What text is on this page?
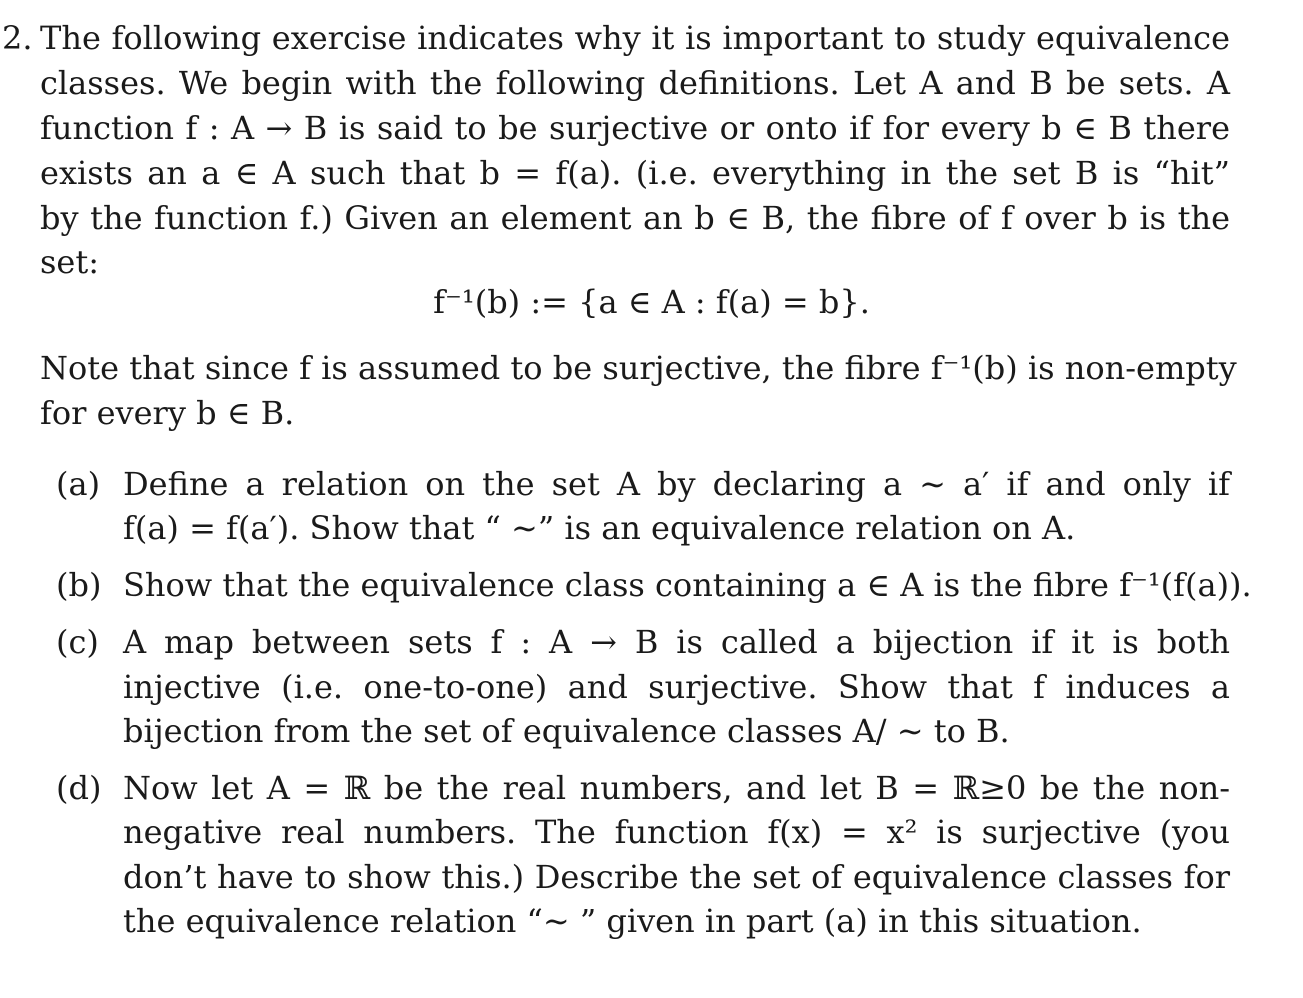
2. The following exercise indicates why it is important to study equivalence
classes. We begin with the following definitions. Let A and B be sets. A
function f : A → B is said to be surjective or onto if for every b ∈ B there
exists an a ∈ A such that b = f(a). (i.e. everything in the set B is “hit”
by the function f.) Given an element an b ∈ B, the fibre of f over b is the
set:
f⁻¹(b) := {a ∈ A : f(a) = b}.
Note that since f is assumed to be surjective, the fibre f⁻¹(b) is non-empty
for every b ∈ B.
(a) Define a relation on the set A by declaring a ∼ a′ if and only if
f(a) = f(a′). Show that “ ∼” is an equivalence relation on A.
(b) Show that the equivalence class containing a ∈ A is the fibre f⁻¹(f(a)).
(c) A map between sets f : A → B is called a bijection if it is both
injective (i.e. one-to-one) and surjective. Show that f induces a
bijection from the set of equivalence classes A/ ∼ to B.
(d) Now let A = ℝ be the real numbers, and let B = ℝ≥0 be the non-
negative real numbers. The function f(x) = x² is surjective (you
don’t have to show this.) Describe the set of equivalence classes for
the equivalence relation “∼ ” given in part (a) in this situation.
